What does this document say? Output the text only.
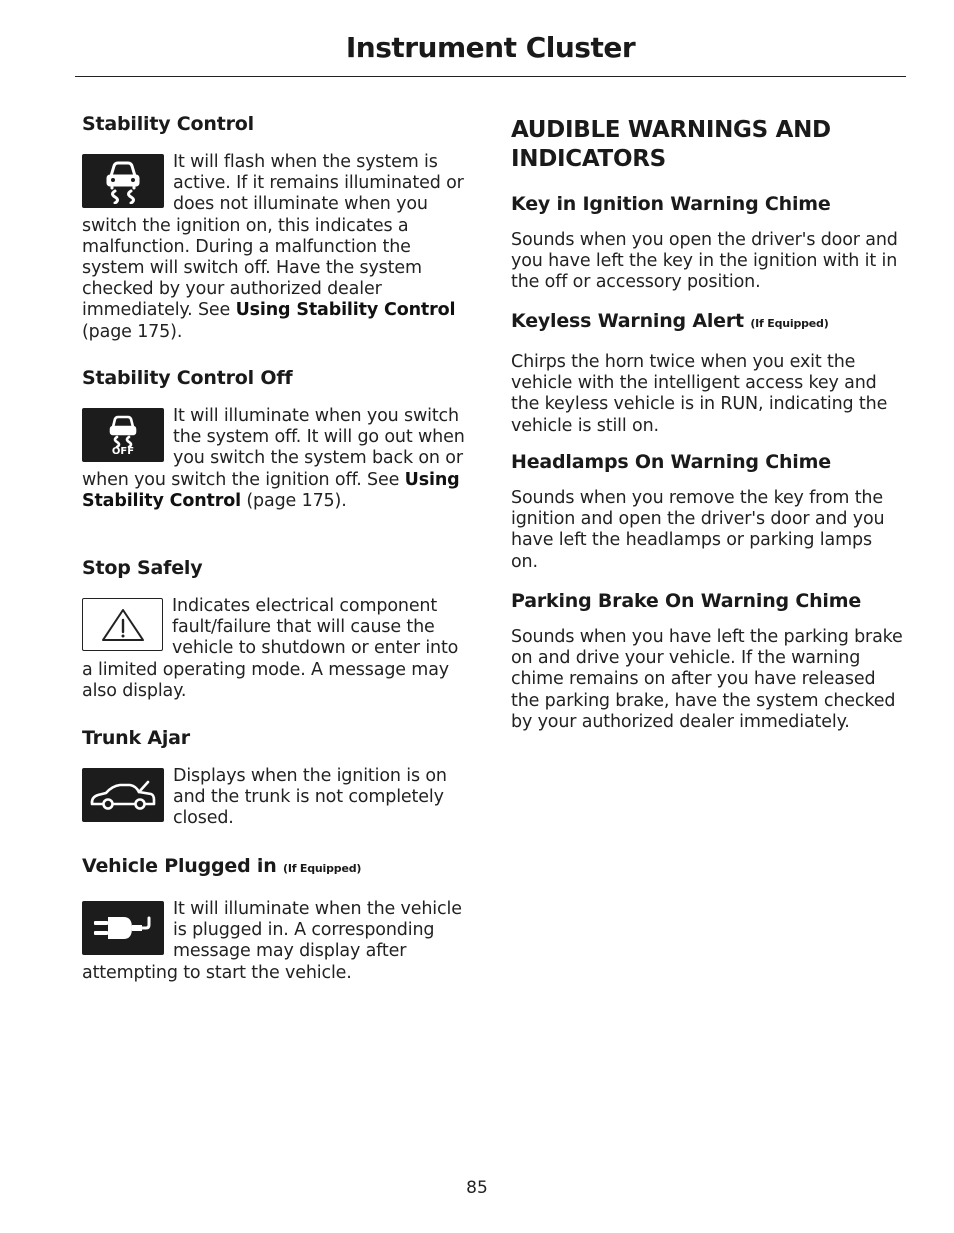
Instrument Cluster
Stability Control

It will flash when the system is active. If it remains illuminated or does not illuminate when you switch the ignition on, this indicates a malfunction. During a malfunction the system will switch off. Have the system checked by your authorized dealer immediately. See Using Stability Control (page 175).

Stability Control Off
OFF

It will illuminate when you switch the system off. It will go out when you switch the system back on or when you switch the ignition off. See Using Stability Control (page 175).

Stop Safely

Indicates electrical component fault/failure that will cause the vehicle to shutdown or enter into a limited operating mode. A message may also display.

Trunk Ajar

Displays when the ignition is on and the trunk is not completely closed.

Vehicle Plugged in (If Equipped)

It will illuminate when the vehicle is plugged in. A corresponding message may display after attempting to start the vehicle.

AUDIBLE WARNINGS AND INDICATORS
Key in Ignition Warning Chime

Sounds when you open the driver's door and you have left the key in the ignition with it in the off or accessory position.

Keyless Warning Alert (If Equipped)

Chirps the horn twice when you exit the vehicle with the intelligent access key and the keyless vehicle is in RUN, indicating the vehicle is still on.

Headlamps On Warning Chime

Sounds when you remove the key from the ignition and open the driver's door and you have left the headlamps or parking lamps on.

Parking Brake On Warning Chime

Sounds when you have left the parking brake on and drive your vehicle. If the warning chime remains on after you have released the parking brake, have the system checked by your authorized dealer immediately.

85
